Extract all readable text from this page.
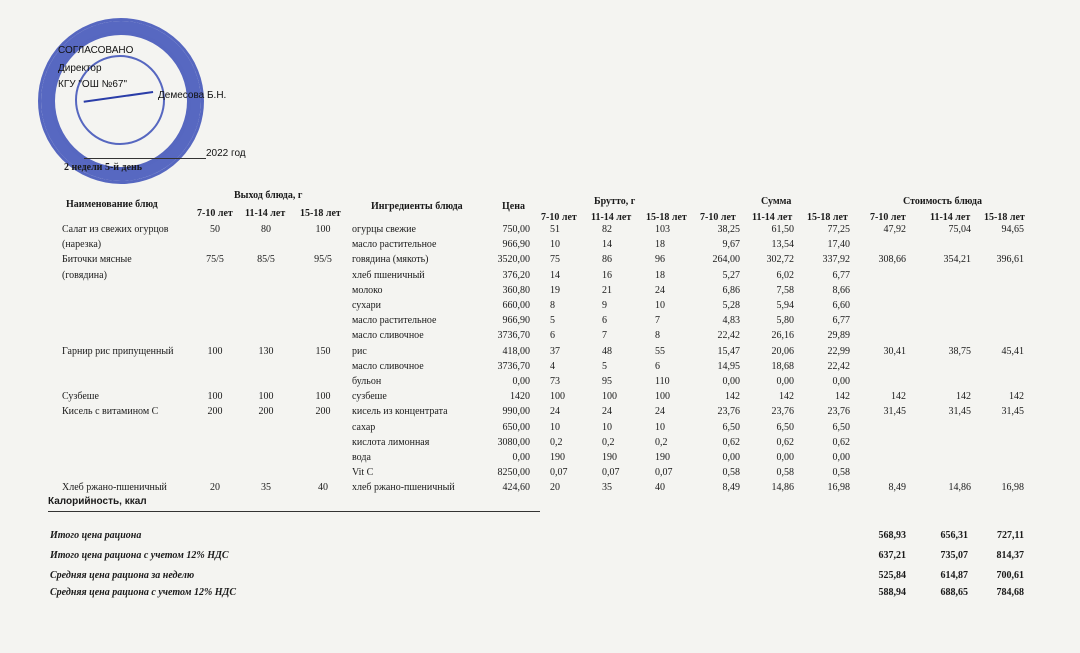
СОГЛАСОВАНО
Директор
КГУ "ОШ №67"
Демесова Б.Н.
2022 год
2 недели 5-й день
Наименование блюд
Выход блюда, г
7-10 лет 11-14 лет 15-18 лет
Ингредиенты блюда	Цена	Брутто, г
7-10 лет 11-14 лет 15-18 лет
Сумма
7-10 лет 11-14 лет 15-18 лет
Стоимость блюда
7-10 лет 11-14 лет 15-18 лет
Салат из свежих огурцов	50	80	100	огурцы свежие	750,00 51	82	103	38,25	61,50	77,25	47,92	75,04	94,65
(нарезка)	масло растительное	966,90 10	14	18	9,67	13,54	17,40
Биточки мясные	75/5	85/5	95/5	говядина (мякоть)	3520,00 75	86	96	264,00	302,72	337,92	308,66	354,21	396,61
(говядина)	хлеб пшеничный	376,20 14	16	18	5,27	6,02	6,77
молоко	360,80 19	21	24	6,86	7,58	8,66
сухари	660,00 8	9	10	5,28	5,94	6,60
масло растительное	966,90 5	6	7	4,83	5,80	6,77
масло сливочное	3736,70 6	7	8	22,42	26,16	29,89
Гарнир рис припущенный	100	130	150	рис	418,00 37	48	55	15,47	20,06	22,99	30,41	38,75	45,41
масло сливочное	3736,70 4	5	6	14,95	18,68	22,42
бульон	0,00 73	95	110	0,00	0,00	0,00
Сузбеше	100	100	100	сузбеше	1420 100	100	100	142	142	142	142	142	142
Кисель с витамином С	200	200	200	кисель из концентрата	990,00 24	24	24	23,76	23,76	23,76	31,45	31,45	31,45
сахар	650,00 10	10	10	6,50	6,50	6,50
кислота лимонная	3080,00 0,2	0,2	0,2	0,62	0,62	0,62
вода	0,00 190	190	190	0,00	0,00	0,00
Vit C	8250,00 0,07	0,07	0,07	0,58	0,58	0,58
Хлеб ржано-пшеничный	20	35	40	хлеб ржано-пшеничный	424,60 20	35	40	8,49	14,86	16,98	8,49	14,86	16,98
Калорийность, ккал
Итого цена рациона	568,93	656,31	727,11
Итого цена рациона с учетом 12% НДС	637,21	735,07	814,37
Средняя цена рациона за неделю	525,84	614,87	700,61
Средняя цена рациона с учетом 12% НДС	588,94	688,65	784,68
